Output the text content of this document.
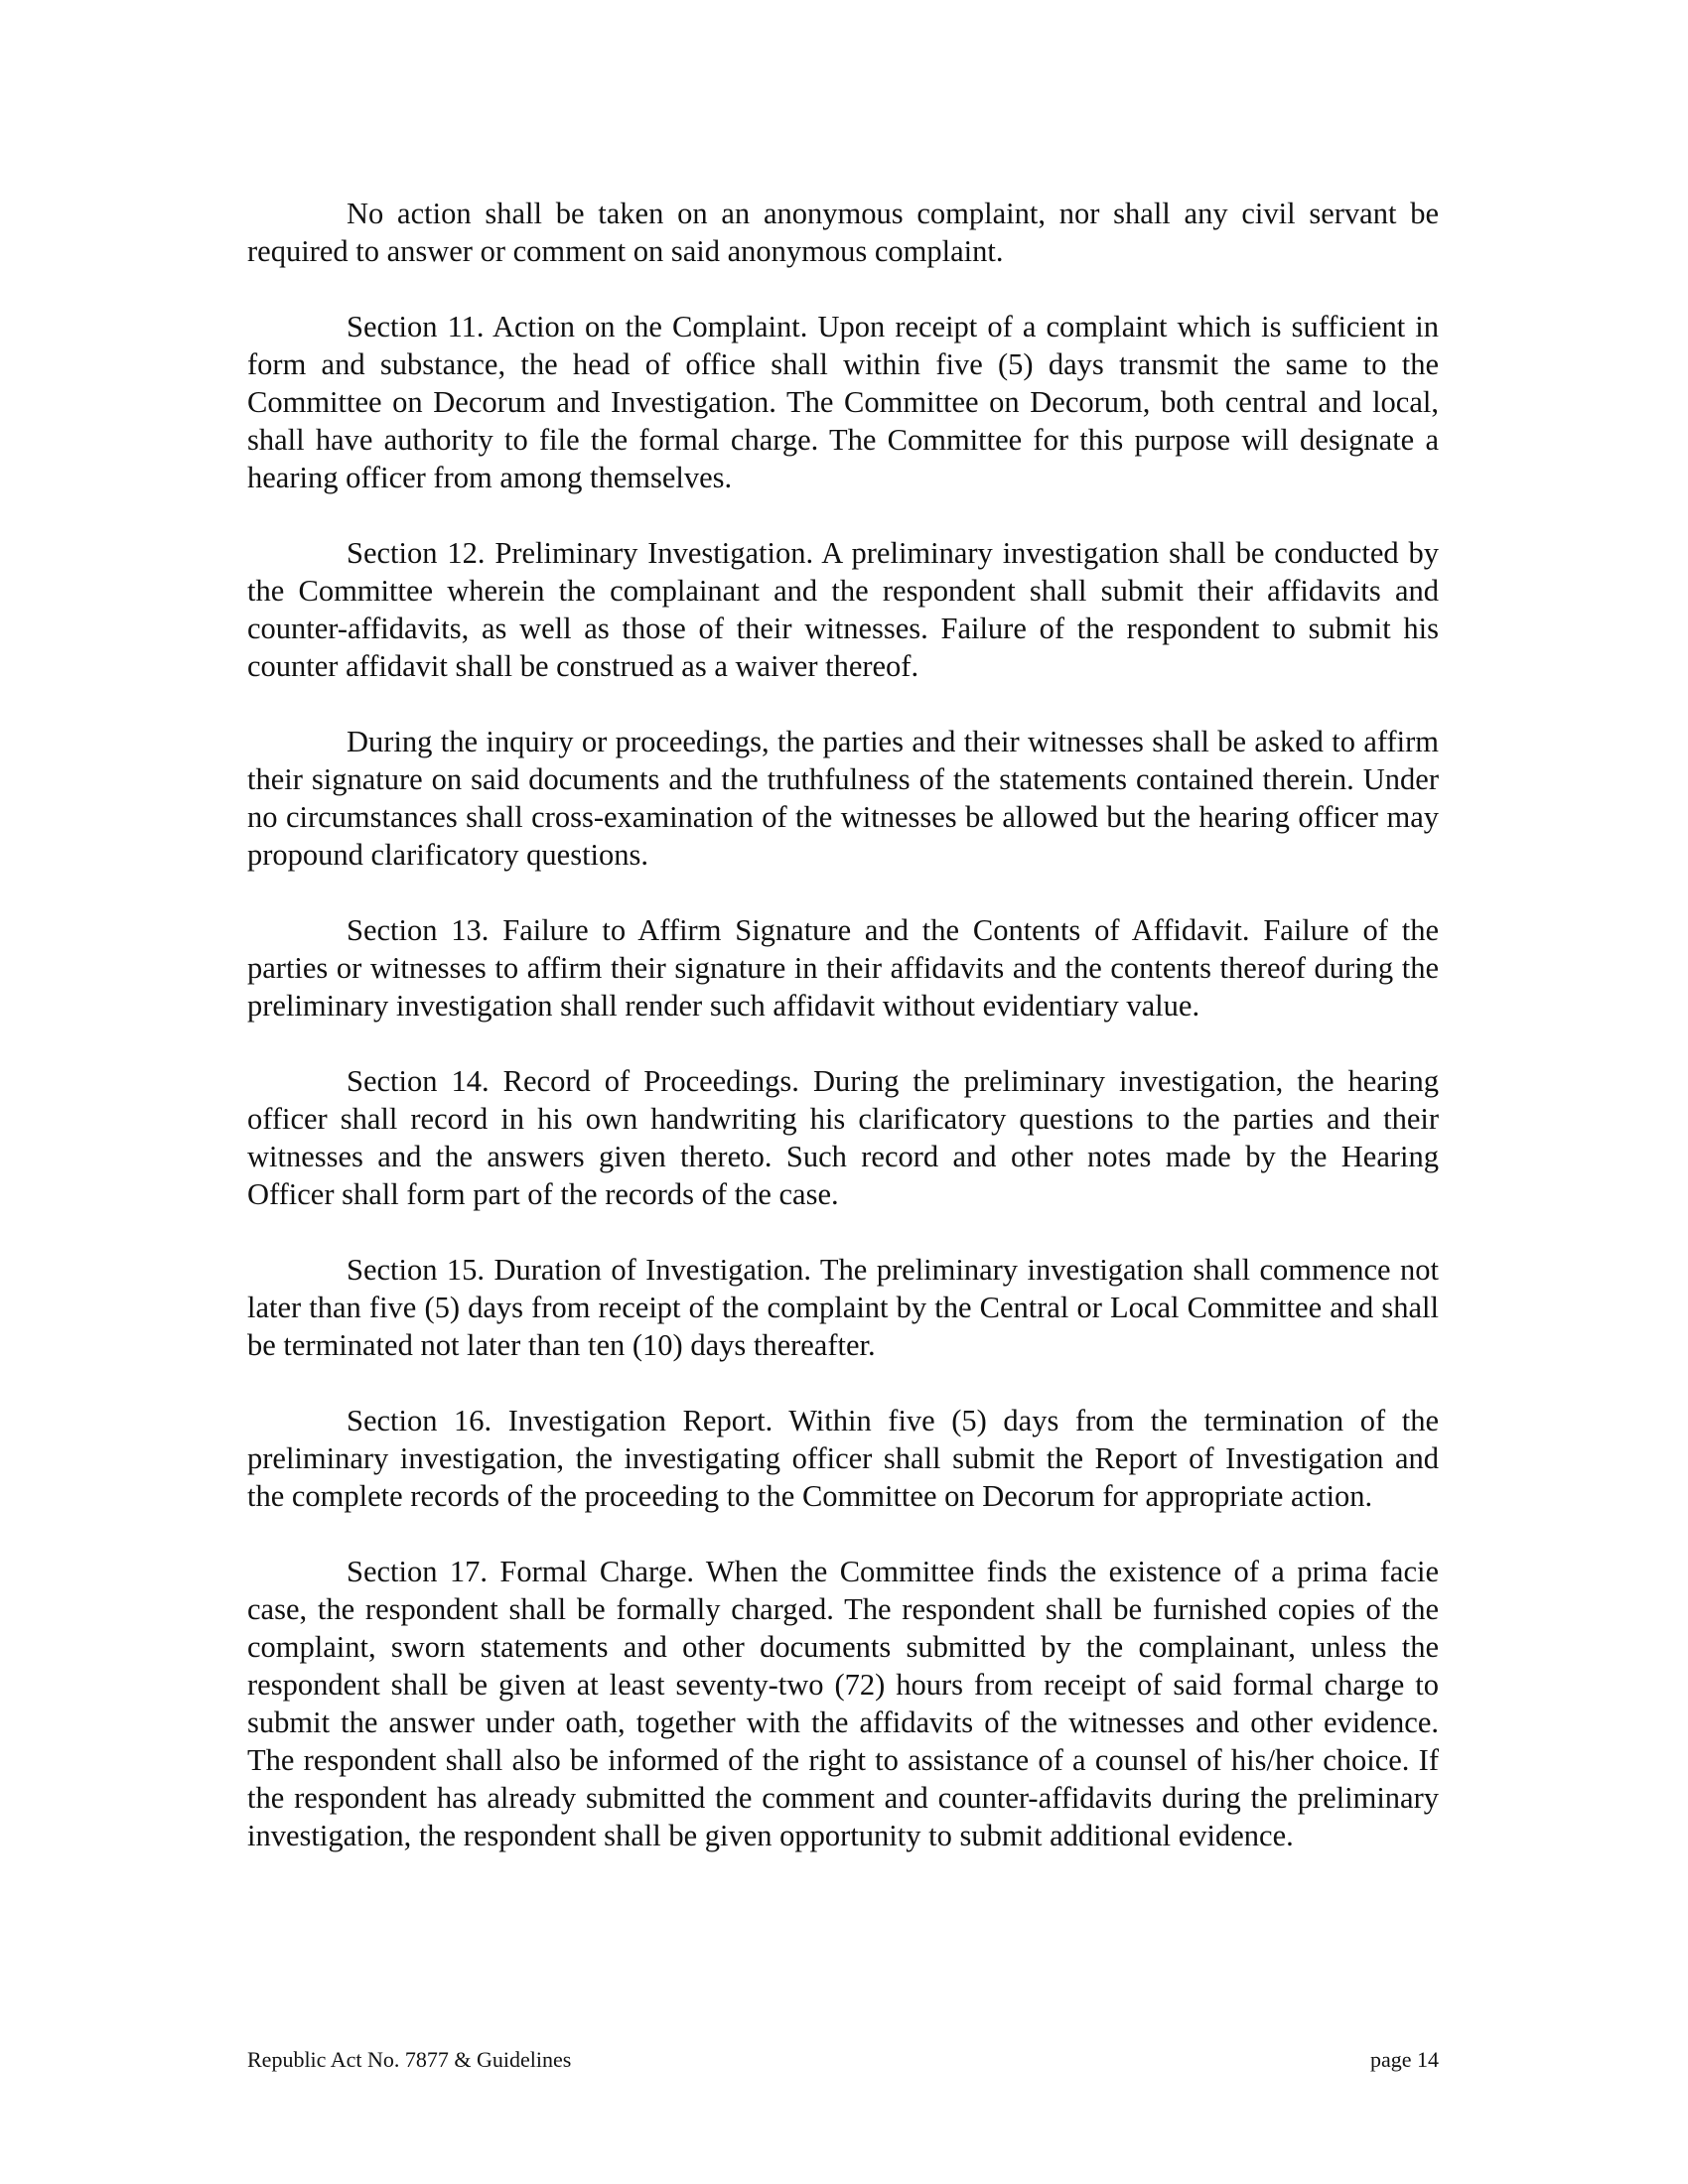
No action shall be taken on an anonymous complaint, nor shall any civil servant be required to answer or comment on said anonymous complaint.

Section 11. Action on the Complaint. Upon receipt of a complaint which is sufficient in form and substance, the head of office shall within five (5) days transmit the same to the Committee on Decorum and Investigation. The Committee on Decorum, both central and local, shall have authority to file the formal charge. The Committee for this purpose will designate a hearing officer from among themselves.

Section 12. Preliminary Investigation. A preliminary investigation shall be conducted by the Committee wherein the complainant and the respondent shall submit their affidavits and counter-affidavits, as well as those of their witnesses. Failure of the respondent to submit his counter affidavit shall be construed as a waiver thereof.

During the inquiry or proceedings, the parties and their witnesses shall be asked to affirm their signature on said documents and the truthfulness of the statements contained therein. Under no circumstances shall cross-examination of the witnesses be allowed but the hearing officer may propound clarificatory questions.

Section 13. Failure to Affirm Signature and the Contents of Affidavit. Failure of the parties or witnesses to affirm their signature in their affidavits and the contents thereof during the preliminary investigation shall render such affidavit without evidentiary value.

Section 14. Record of Proceedings. During the preliminary investigation, the hearing officer shall record in his own handwriting his clarificatory questions to the parties and their witnesses and the answers given thereto. Such record and other notes made by the Hearing Officer shall form part of the records of the case.

Section 15. Duration of Investigation. The preliminary investigation shall commence not later than five (5) days from receipt of the complaint by the Central or Local Committee and shall be terminated not later than ten (10) days thereafter.

Section 16. Investigation Report. Within five (5) days from the termination of the preliminary investigation, the investigating officer shall submit the Report of Investigation and the complete records of the proceeding to the Committee on Decorum for appropriate action.

Section 17. Formal Charge. When the Committee finds the existence of a prima facie case, the respondent shall be formally charged. The respondent shall be furnished copies of the complaint, sworn statements and other documents submitted by the complainant, unless the respondent shall be given at least seventy-two (72) hours from receipt of said formal charge to submit the answer under oath, together with the affidavits of the witnesses and other evidence. The respondent shall also be informed of the right to assistance of a counsel of his/her choice. If the respondent has already submitted the comment and counter-affidavits during the preliminary investigation, the respondent shall be given opportunity to submit additional evidence.

Republic Act No. 7877 & Guidelines	page 14
